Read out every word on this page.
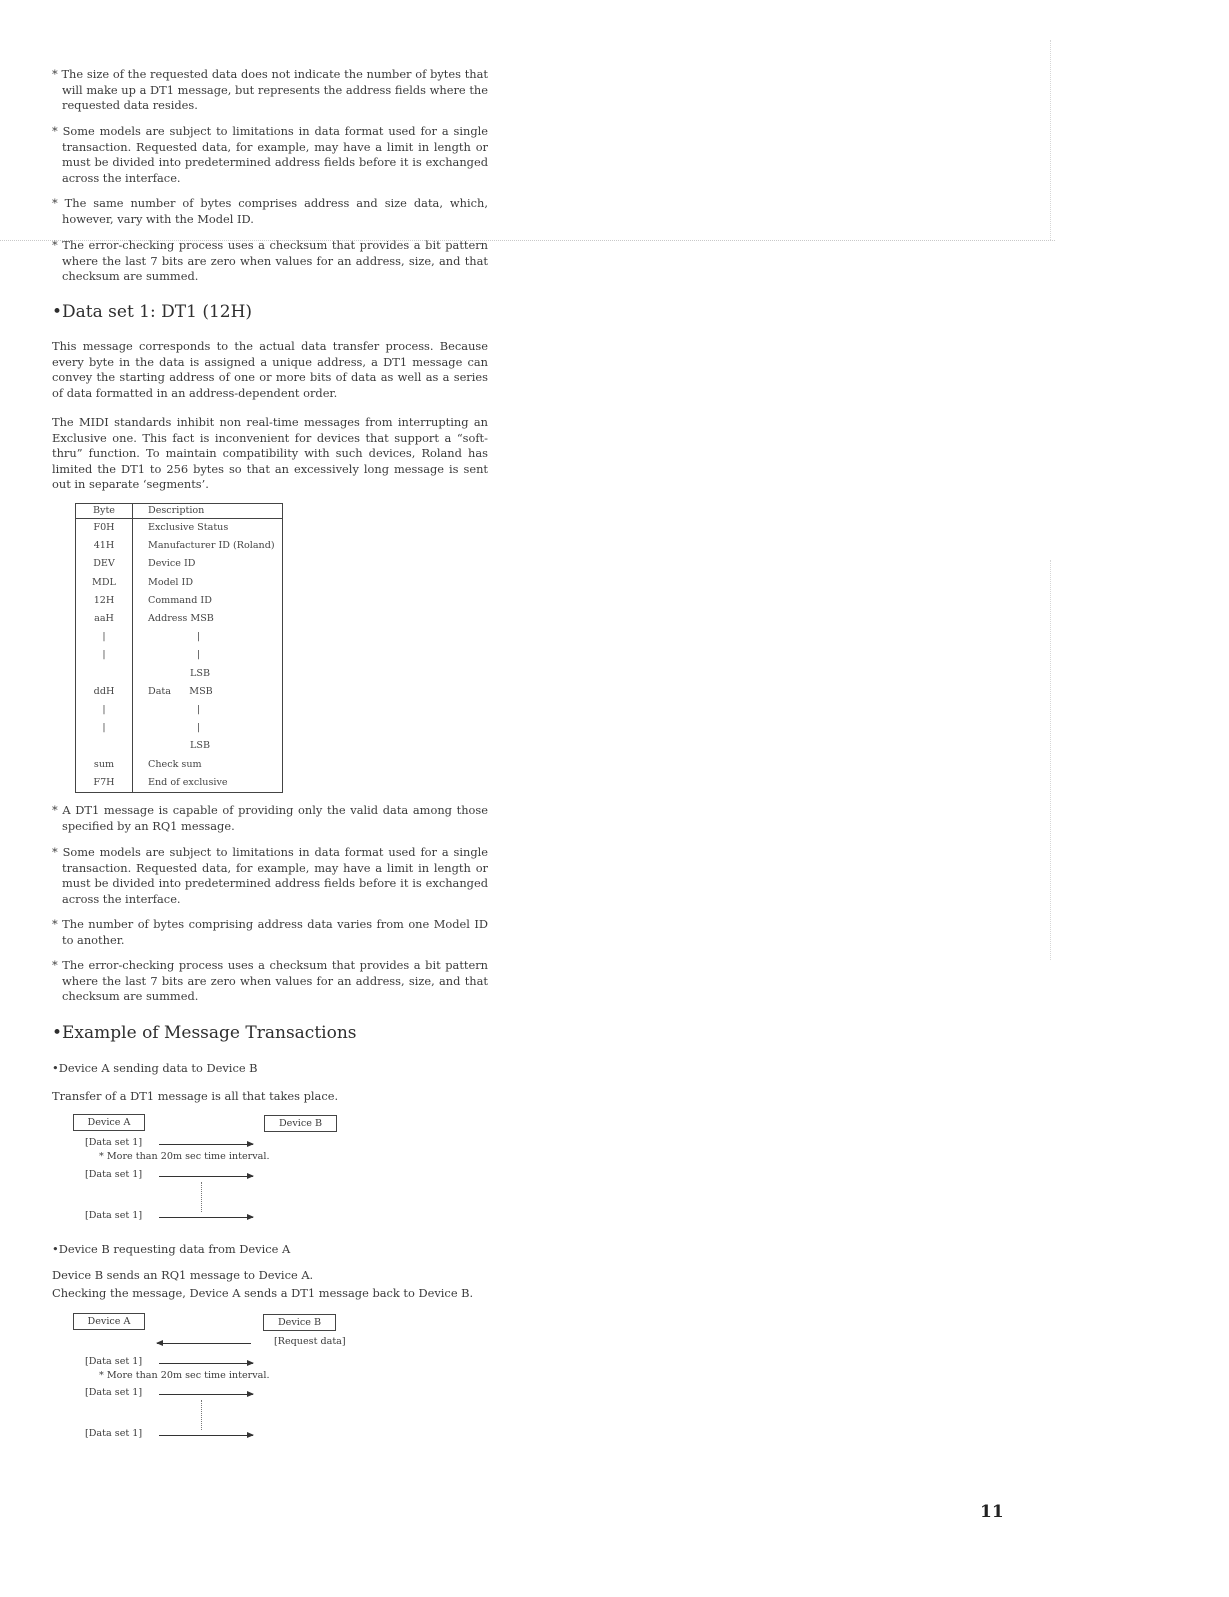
* The size of the requested data does not indicate the number of bytes that will make up a DT1 message, but represents the address fields where the requested data resides.
* Some models are subject to limitations in data format used for a single transaction. Requested data, for example, may have a limit in length or must be divided into predetermined address fields before it is exchanged across the interface.
* The same number of bytes comprises address and size data, which, however, vary with the Model ID.
* The error-checking process uses a checksum that provides a bit pattern where the last 7 bits are zero when values for an address, size, and that checksum are summed.
•Data set 1: DT1 (12H)
This message corresponds to the actual data transfer process. Because every byte in the data is assigned a unique address, a DT1 message can convey the starting address of one or more bits of data as well as a series of data formatted in an address-dependent order.
The MIDI standards inhibit non real-time messages from interrupting an Exclusive one. This fact is inconvenient for devices that support a “soft-thru” function. To maintain compatibility with such devices, Roland has limited the DT1 to 256 bytes so that an excessively long message is sent out in separate ‘segments’.
Byte	Description
F0H	Exclusive Status
41H	Manufacturer ID (Roland)
DEV	Device ID
MDL	Model ID
12H	Command ID
aaH	Address MSB
|	|
|	|
	LSB
ddH	Data      MSB
|	|
|	|
	LSB
sum	Check sum
F7H	End of exclusive
* A DT1 message is capable of providing only the valid data among those specified by an RQ1 message.
* Some models are subject to limitations in data format used for a single transaction. Requested data, for example, may have a limit in length or must be divided into predetermined address fields before it is exchanged across the interface.
* The number of bytes comprising address data varies from one Model ID to another.
* The error-checking process uses a checksum that provides a bit pattern where the last 7 bits are zero when values for an address, size, and that checksum are summed.
•Example of Message Transactions
•Device A sending data to Device B
Transfer of a DT1 message is all that takes place.
Device A	Device B
[Data set 1]
* More than 20m sec time interval.
[Data set 1]
[Data set 1]
•Device B requesting data from Device A
Device B sends an RQ1 message to Device A.
Checking the message, Device A sends a DT1 message back to Device B.
Device A	Device B
[Request data]
[Data set 1]
* More than 20m sec time interval.
[Data set 1]
[Data set 1]
11
